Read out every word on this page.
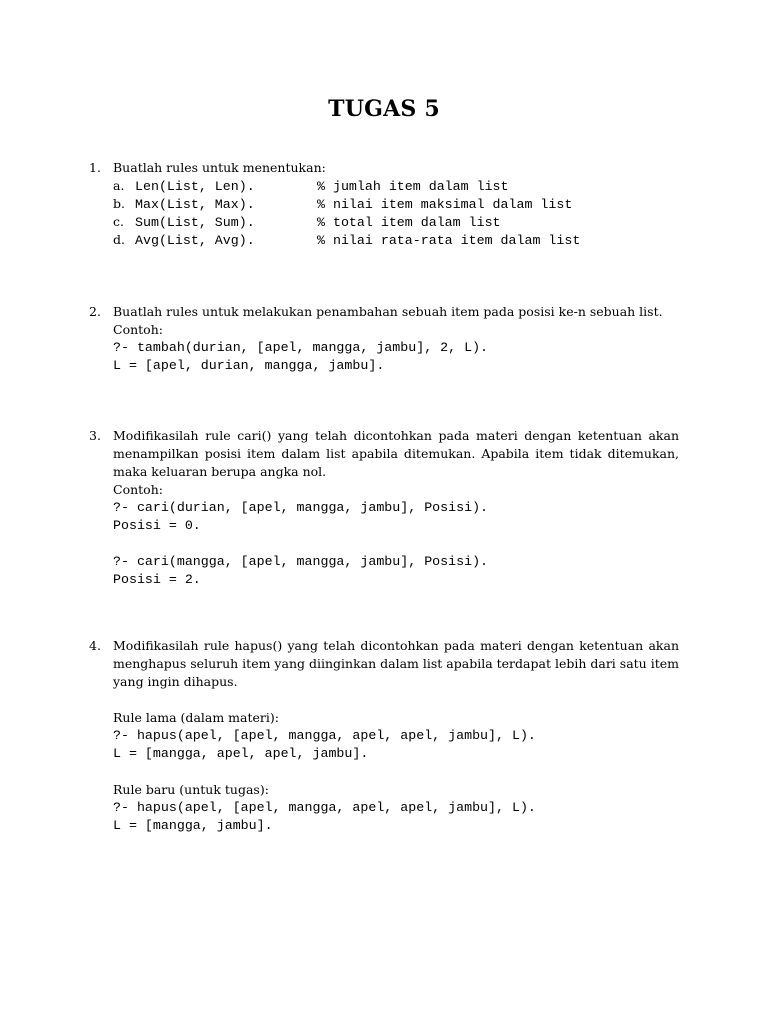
TUGAS 5
1. Buatlah rules untuk menentukan:
a. Len(List, Len).	% jumlah item dalam list
b. Max(List, Max).	% nilai item maksimal dalam list
c. Sum(List, Sum).	% total item dalam list
d. Avg(List, Avg).	% nilai rata-rata item dalam list
2. Buatlah rules untuk melakukan penambahan sebuah item pada posisi ke-n sebuah list.
Contoh:
?- tambah(durian, [apel, mangga, jambu], 2, L).
L = [apel, durian, mangga, jambu].
3. Modifikasilah rule cari() yang telah dicontohkan pada materi dengan ketentuan akan menampilkan posisi item dalam list apabila ditemukan. Apabila item tidak ditemukan, maka keluaran berupa angka nol.
Contoh:
?- cari(durian, [apel, mangga, jambu], Posisi).
Posisi = 0.
?- cari(mangga, [apel, mangga, jambu], Posisi).
Posisi = 2.
4. Modifikasilah rule hapus() yang telah dicontohkan pada materi dengan ketentuan akan menghapus seluruh item yang diinginkan dalam list apabila terdapat lebih dari satu item yang ingin dihapus.
Rule lama (dalam materi):
?- hapus(apel, [apel, mangga, apel, apel, jambu], L).
L = [mangga, apel, apel, jambu].
Rule baru (untuk tugas):
?- hapus(apel, [apel, mangga, apel, apel, jambu], L).
L = [mangga, jambu].
